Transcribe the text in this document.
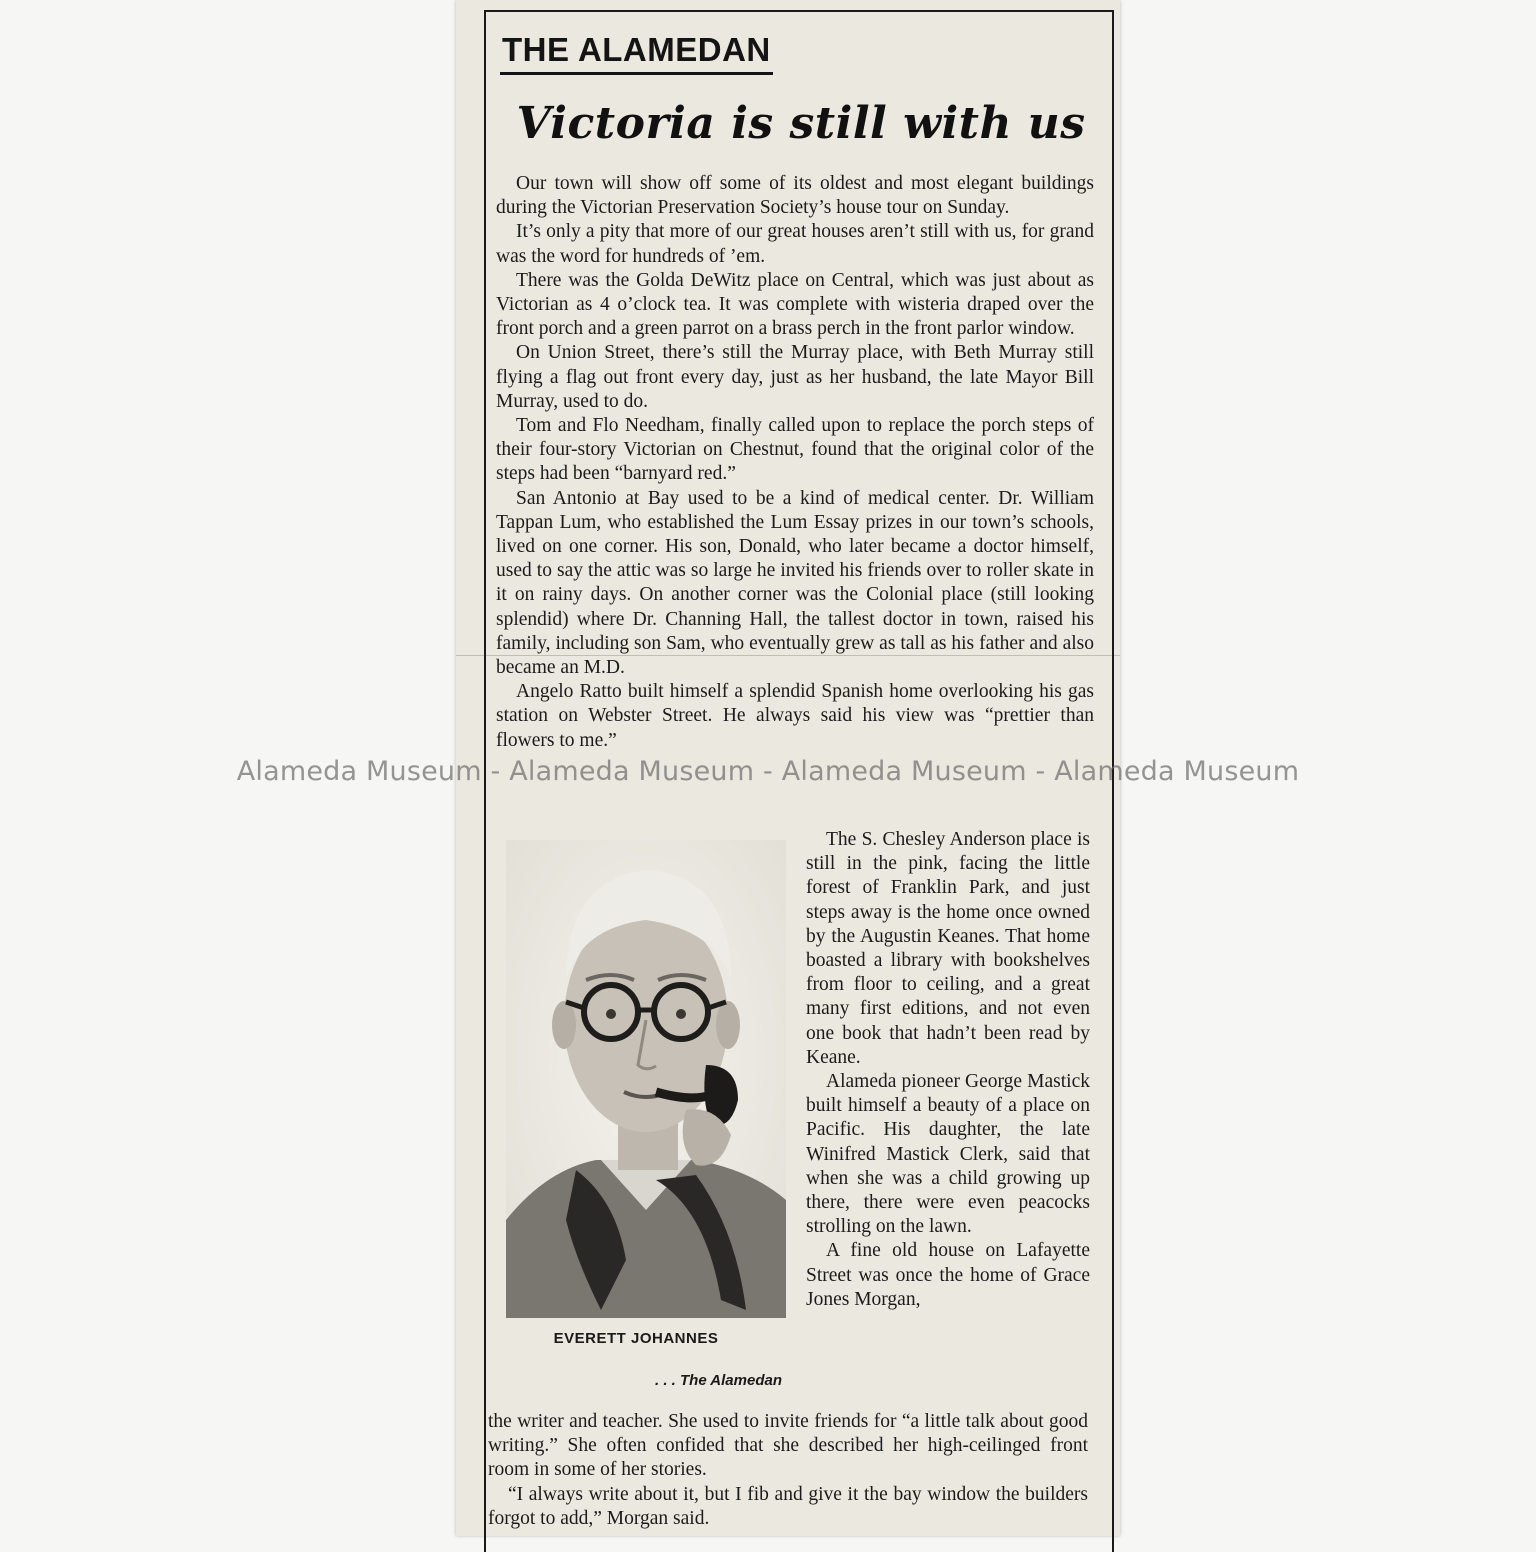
THE ALAMEDAN
Victoria is still with us

Our town will show off some of its oldest and most elegant buildings during the Victorian Preservation Society’s house tour on Sunday.

It’s only a pity that more of our great houses aren’t still with us, for grand was the word for hundreds of ’em.

There was the Golda DeWitz place on Central, which was just about as Victorian as 4 o’clock tea. It was complete with wisteria draped over the front porch and a green parrot on a brass perch in the front parlor window.

On Union Street, there’s still the Murray place, with Beth Murray still flying a flag out front every day, just as her husband, the late Mayor Bill Murray, used to do.

Tom and Flo Needham, finally called upon to replace the porch steps of their four-story Victorian on Chestnut, found that the original color of the steps had been “barnyard red.”

San Antonio at Bay used to be a kind of medical center. Dr. William Tappan Lum, who established the Lum Essay prizes in our town’s schools, lived on one corner. His son, Donald, who later became a doctor himself, used to say the attic was so large he invited his friends over to roller skate in it on rainy days. On another corner was the Colonial place (still looking splendid) where Dr. Channing Hall, the tallest doctor in town, raised his family, including son Sam, who eventually grew as tall as his father and also became an M.D.

Angelo Ratto built himself a splendid Spanish home overlooking his gas station on Webster Street. He always said his view was “prettier than flowers to me.”

EVERETT JOHANNES
. . . The Alamedan

The S. Chesley Anderson place is still in the pink, facing the little forest of Franklin Park, and just steps away is the home once owned by the Augustin Keanes. That home boasted a library with bookshelves from floor to ceiling, and a great many first editions, and not even one book that hadn’t been read by Keane.

Alameda pioneer George Mastick built himself a beauty of a place on Pacific. His daughter, the late Winifred Mastick Clerk, said that when she was a child growing up there, there were even peacocks strolling on the lawn.

A fine old house on Lafayette Street was once the home of Grace Jones Morgan,

the writer and teacher. She used to invite friends for “a little talk about good writing.” She often confided that she described her high-ceilinged front room in some of her stories.

“I always write about it, but I fib and give it the bay window the builders forgot to add,” Morgan said.

Alameda Museum - Alameda Museum - Alameda Museum - Alameda Museum
